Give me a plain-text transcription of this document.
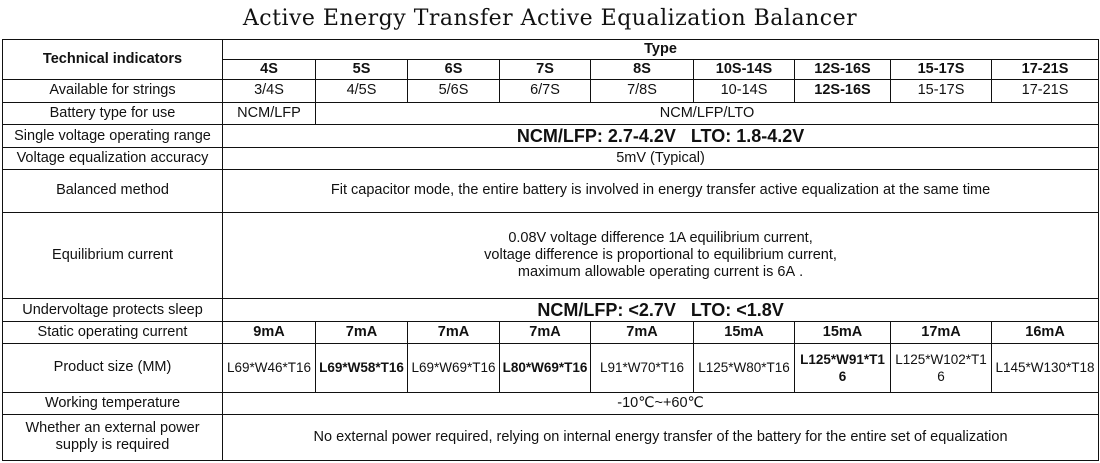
Active Energy Transfer Active Equalization Balancer
Technical indicators	Type								
	4S	5S	6S	7S	8S	10S-14S	12S-16S	15-17S	17-21S
Available for strings	3/4S	4/5S	5/6S	6/7S	7/8S	10-14S	12S-16S	15-17S	17-21S
Battery type for use	NCM/LFP	NCM/LFP/LTO							
Single voltage operating range	NCM/LFP: 2.7-4.2V   LTO: 1.8-4.2V								
Voltage equalization accuracy	5mV (Typical)								
Balanced method	Fit capacitor mode, the entire battery is involved in energy transfer active equalization at the same time								
Equilibrium current	0.08V voltage difference 1A equilibrium current,
voltage difference is proportional to equilibrium current,
maximum allowable operating current is 6A .								

Undervoltage protects sleep	NCM/LFP: <2.7V   LTO: <1.8V								
Static operating current	9mA	7mA	7mA	7mA	7mA	15mA	15mA	17mA	16mA
Product size (MM)	L69*W46*T16	L69*W58*T16	L69*W69*T16	L80*W69*T16	L91*W70*T16	L125*W80*T16	L125*W91*T16	L125*W102*T16	L145*W130*T18
Working temperature	-10℃~+60℃								
Whether an external power supply is required	No external power required, relying on internal energy transfer of the battery for the entire set of equalization								
